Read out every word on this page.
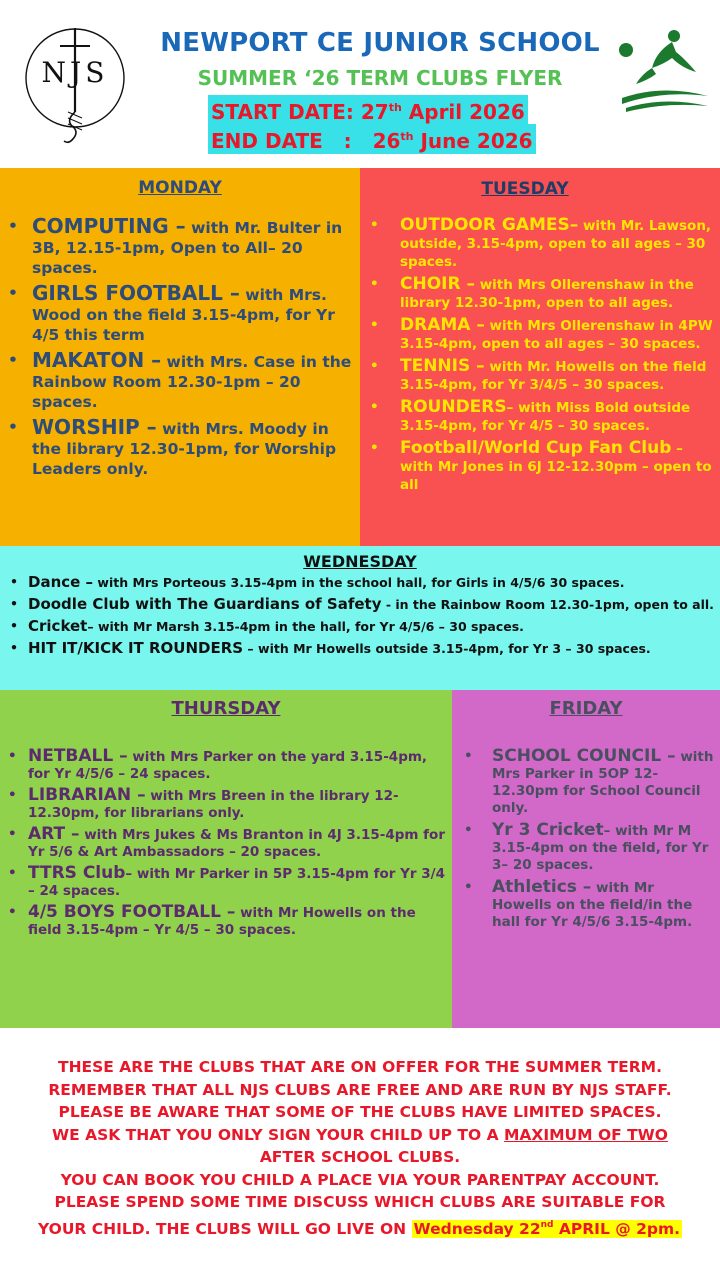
NJS
NEWPORT CE JUNIOR SCHOOL
SUMMER ‘26 TERM CLUBS FLYER
START DATE: 27th April 2026
END DATE   :   26th June 2026
MONDAY
• COMPUTING – with Mr. Bulter in 3B, 12.15-1pm, Open to All– 20 spaces.
• GIRLS FOOTBALL – with Mrs. Wood on the field 3.15-4pm, for Yr 4/5 this term
• MAKATON – with Mrs. Case in the Rainbow Room 12.30-1pm – 20 spaces.
• WORSHIP – with Mrs. Moody in the library 12.30-1pm, for Worship Leaders only.
TUESDAY
• OUTDOOR GAMES– with Mr. Lawson, outside, 3.15-4pm, open to all ages – 30 spaces.
• CHOIR – with Mrs Ollerenshaw in the library 12.30-1pm, open to all ages.
• DRAMA – with Mrs Ollerenshaw in 4PW 3.15-4pm, open to all ages – 30 spaces.
• TENNIS – with Mr. Howells on the field 3.15-4pm, for Yr 3/4/5 – 30 spaces.
• ROUNDERS– with Miss Bold outside 3.15-4pm, for Yr 4/5 – 30 spaces.
• Football/World Cup Fan Club – with Mr Jones in 6J 12-12.30pm – open to all
WEDNESDAY
• Dance – with Mrs Porteous 3.15-4pm in the school hall, for Girls in 4/5/6 30 spaces.
• Doodle Club with The Guardians of Safety - in the Rainbow Room 12.30-1pm, open to all.
• Cricket– with Mr Marsh 3.15-4pm in the hall, for Yr 4/5/6 – 30 spaces.
• HIT IT/KICK IT ROUNDERS – with Mr Howells outside 3.15-4pm, for Yr 3 – 30 spaces.
THURSDAY
• NETBALL – with Mrs Parker on the yard 3.15-4pm, for Yr 4/5/6 – 24 spaces.
• LIBRARIAN – with Mrs Breen in the library 12-12.30pm, for librarians only.
• ART – with Mrs Jukes & Ms Branton in 4J 3.15-4pm for Yr 5/6 & Art Ambassadors – 20 spaces.
• TTRS Club– with Mr Parker in 5P 3.15-4pm for Yr 3/4 – 24 spaces.
• 4/5 BOYS FOOTBALL – with Mr Howells on the field 3.15-4pm – Yr 4/5 – 30 spaces.
FRIDAY
• SCHOOL COUNCIL – with Mrs Parker in 5OP 12-12.30pm for School Council only.
• Yr 3 Cricket– with Mr M 3.15-4pm on the field, for Yr 3– 20 spaces.
• Athletics – with Mr Howells on the field/in the hall for Yr 4/5/6 3.15-4pm.
THESE ARE THE CLUBS THAT ARE ON OFFER FOR THE SUMMER TERM.
REMEMBER THAT ALL NJS CLUBS ARE FREE AND ARE RUN BY NJS STAFF.
PLEASE BE AWARE THAT SOME OF THE CLUBS HAVE LIMITED SPACES.
WE ASK THAT YOU ONLY SIGN YOUR CHILD UP TO A MAXIMUM OF TWO
AFTER SCHOOL CLUBS.
YOU CAN BOOK YOU CHILD A PLACE VIA YOUR PARENTPAY ACCOUNT.
PLEASE SPEND SOME TIME DISCUSS WHICH CLUBS ARE SUITABLE FOR
YOUR CHILD. THE CLUBS WILL GO LIVE ON Wednesday 22nd APRIL @ 2pm.
